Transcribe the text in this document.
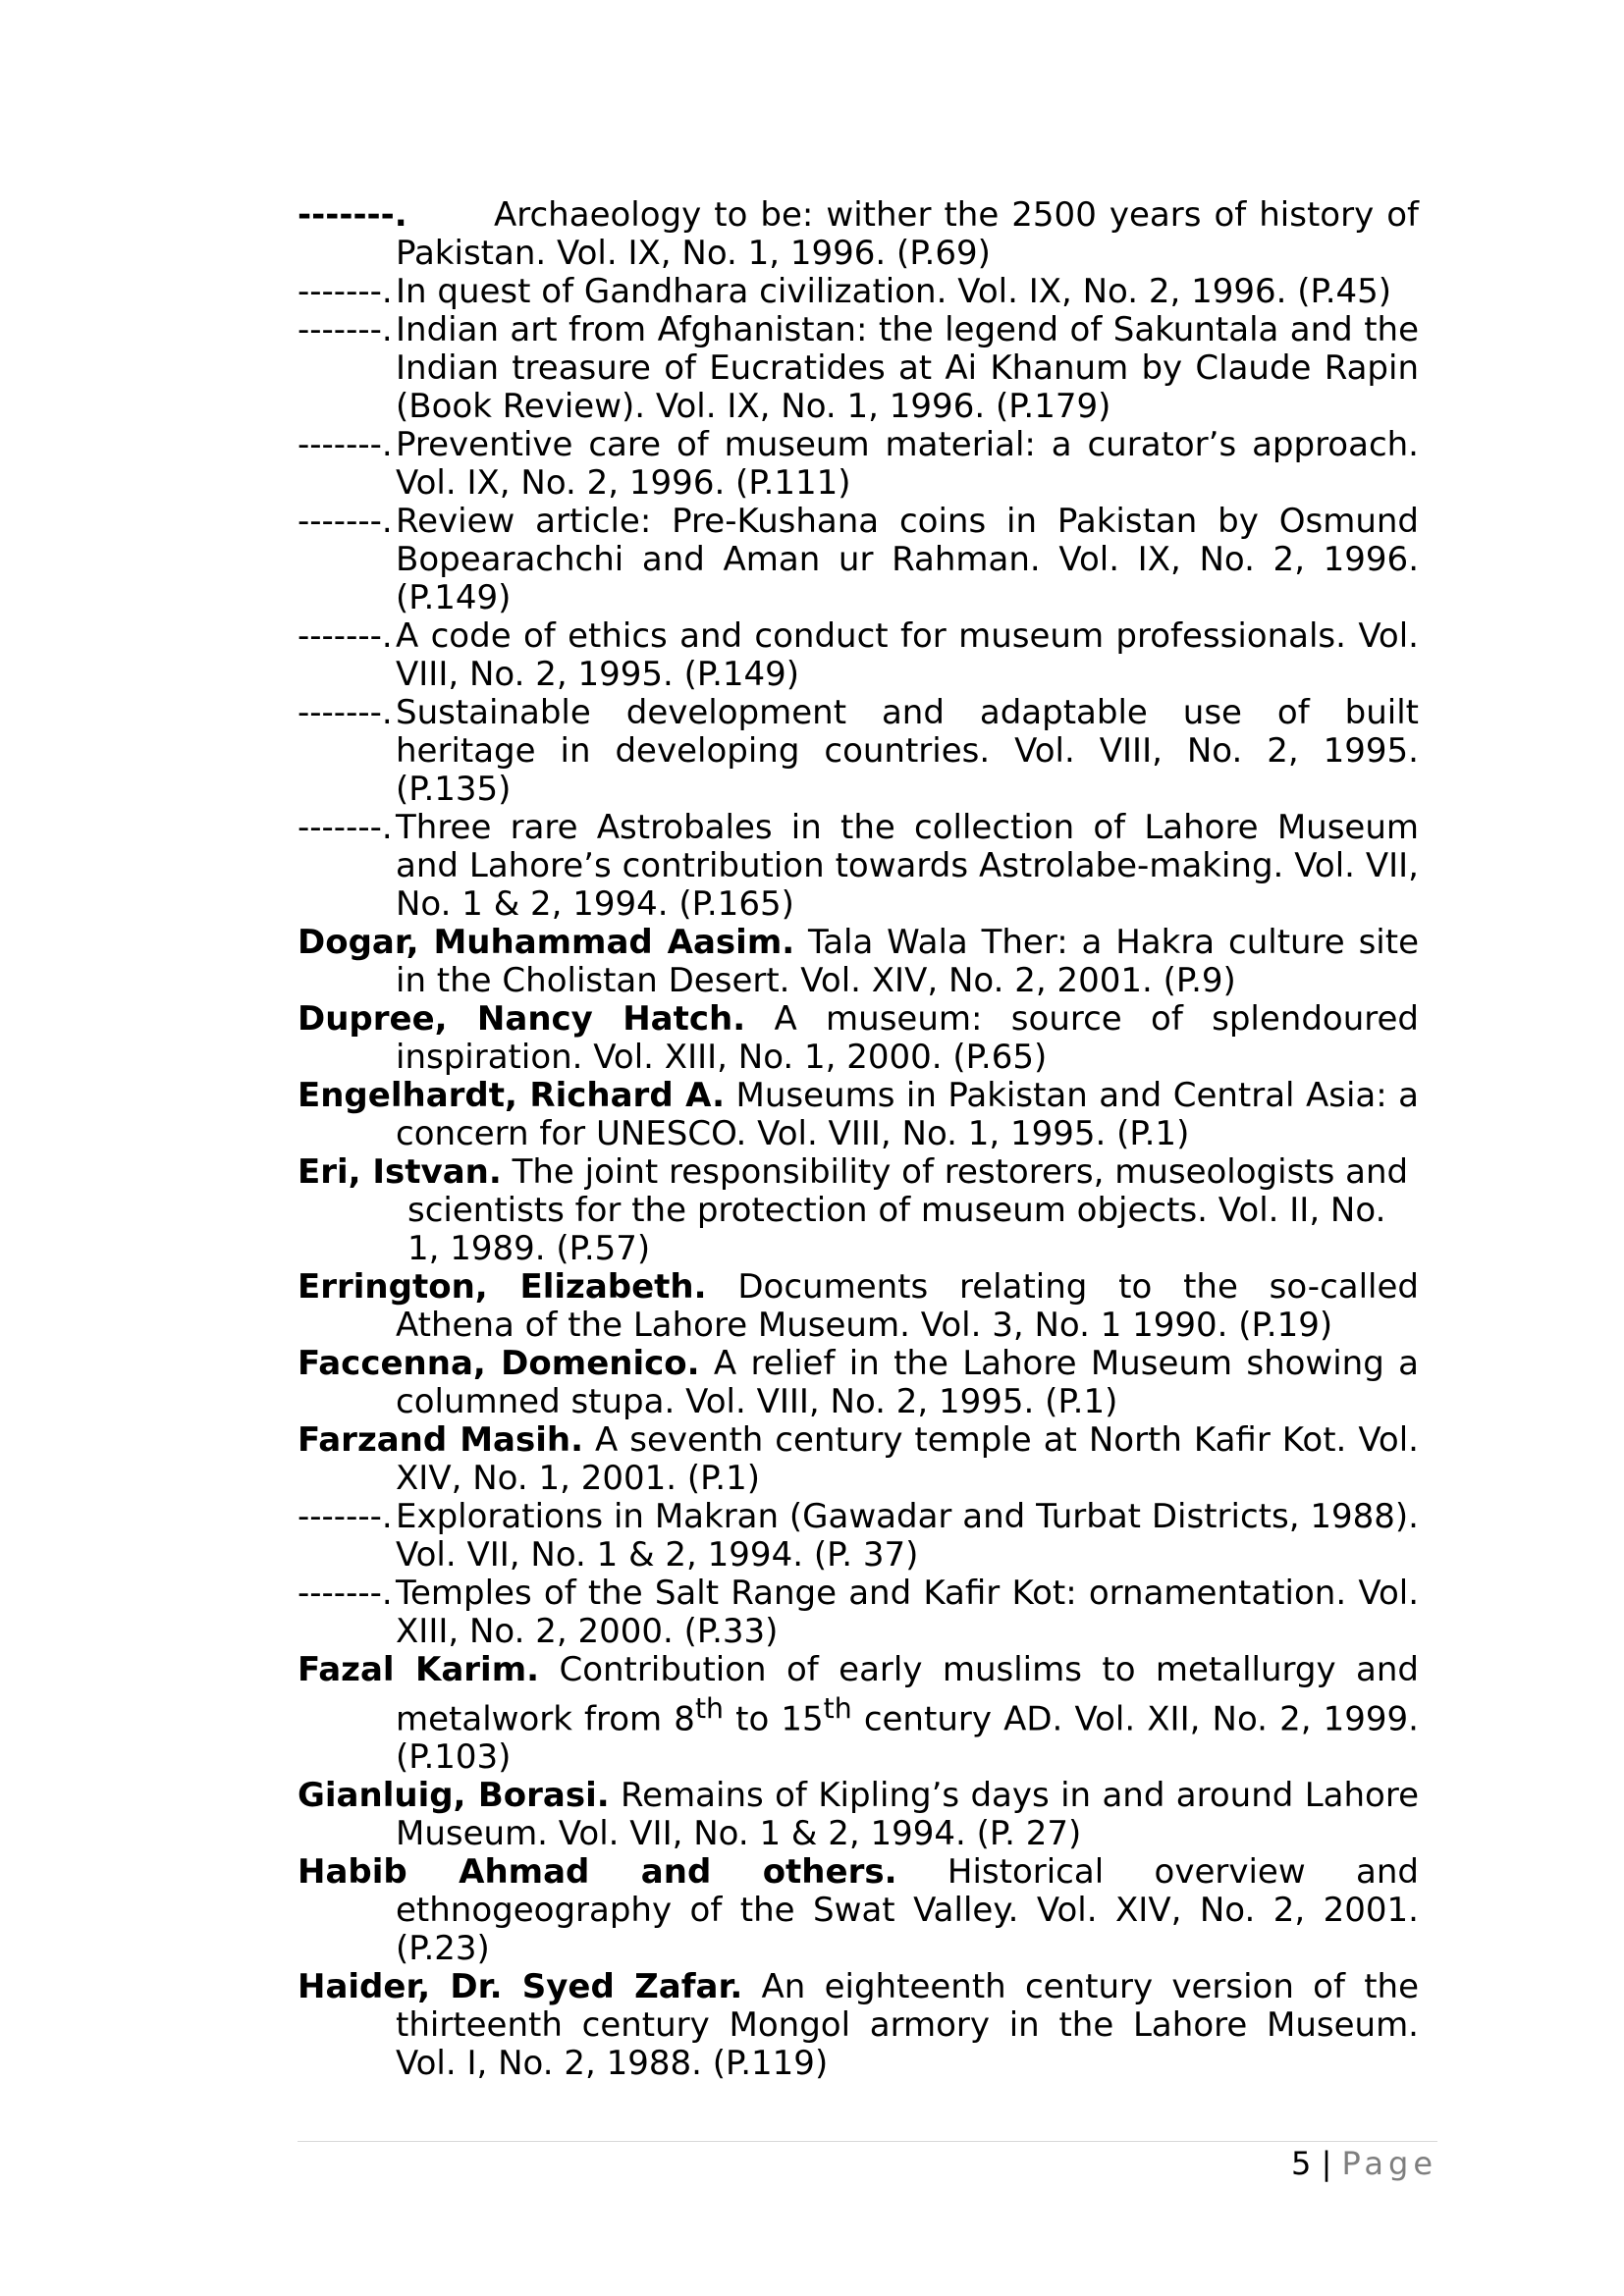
-------.	Archaeology to be: wither the 2500 years of history of Pakistan. Vol. IX, No. 1, 1996. (P.69)

-------.In quest of Gandhara civilization. Vol. IX, No. 2, 1996. (P.45)

-------.Indian art from Afghanistan: the legend of Sakuntala and the Indian treasure of Eucratides at Ai Khanum by Claude Rapin (Book Review). Vol. IX, No. 1, 1996. (P.179)

-------.Preventive care of museum material: a curator’s approach. Vol. IX, No. 2, 1996. (P.111)

-------.Review article: Pre-Kushana coins in Pakistan by Osmund Bopearachchi and Aman ur Rahman. Vol. IX, No. 2, 1996. (P.149)

-------.A code of ethics and conduct for museum professionals. Vol. VIII, No. 2, 1995. (P.149)

-------.Sustainable development and adaptable use of built heritage in developing countries. Vol. VIII, No. 2, 1995. (P.135)

-------.Three rare Astrobales in the collection of Lahore Museum and Lahore’s contribution towards Astrolabe-making. Vol. VII, No. 1 & 2, 1994. (P.165)

Dogar, Muhammad Aasim. Tala Wala Ther: a Hakra culture site in the Cholistan Desert. Vol. XIV, No. 2, 2001. (P.9)

Dupree, Nancy Hatch. A museum: source of splendoured inspiration. Vol. XIII, No. 1, 2000. (P.65)

Engelhardt, Richard A. Museums in Pakistan and Central Asia: a concern for UNESCO. Vol. VIII, No. 1, 1995. (P.1)

Eri, Istvan. The joint responsibility of restorers, museologists and scientists for the protection of museum objects. Vol. II, No. 1, 1989. (P.57)

Errington, Elizabeth. Documents relating to the so-called Athena of the Lahore Museum. Vol. 3, No. 1 1990. (P.19)

Faccenna, Domenico. A relief in the Lahore Museum showing a columned stupa. Vol. VIII, No. 2, 1995. (P.1)

Farzand Masih. A seventh century temple at North Kafir Kot. Vol. XIV, No. 1, 2001. (P.1)

-------.Explorations in Makran (Gawadar and Turbat Districts, 1988). Vol. VII, No. 1 & 2, 1994. (P. 37)

-------.Temples of the Salt Range and Kafir Kot: ornamentation. Vol. XIII, No. 2, 2000. (P.33)

Fazal Karim. Contribution of early muslims to metallurgy and metalwork from 8th to 15th century AD. Vol. XII, No. 2, 1999. (P.103)

Gianluig, Borasi. Remains of Kipling’s days in and around Lahore Museum. Vol. VII, No. 1 & 2, 1994. (P. 27)

Habib Ahmad and others. Historical overview and ethnogeography of the Swat Valley. Vol. XIV, No. 2, 2001. (P.23)

Haider, Dr. Syed Zafar. An eighteenth century version of the thirteenth century Mongol armory in the Lahore Museum. Vol. I, No. 2, 1988. (P.119)

5 | Page
